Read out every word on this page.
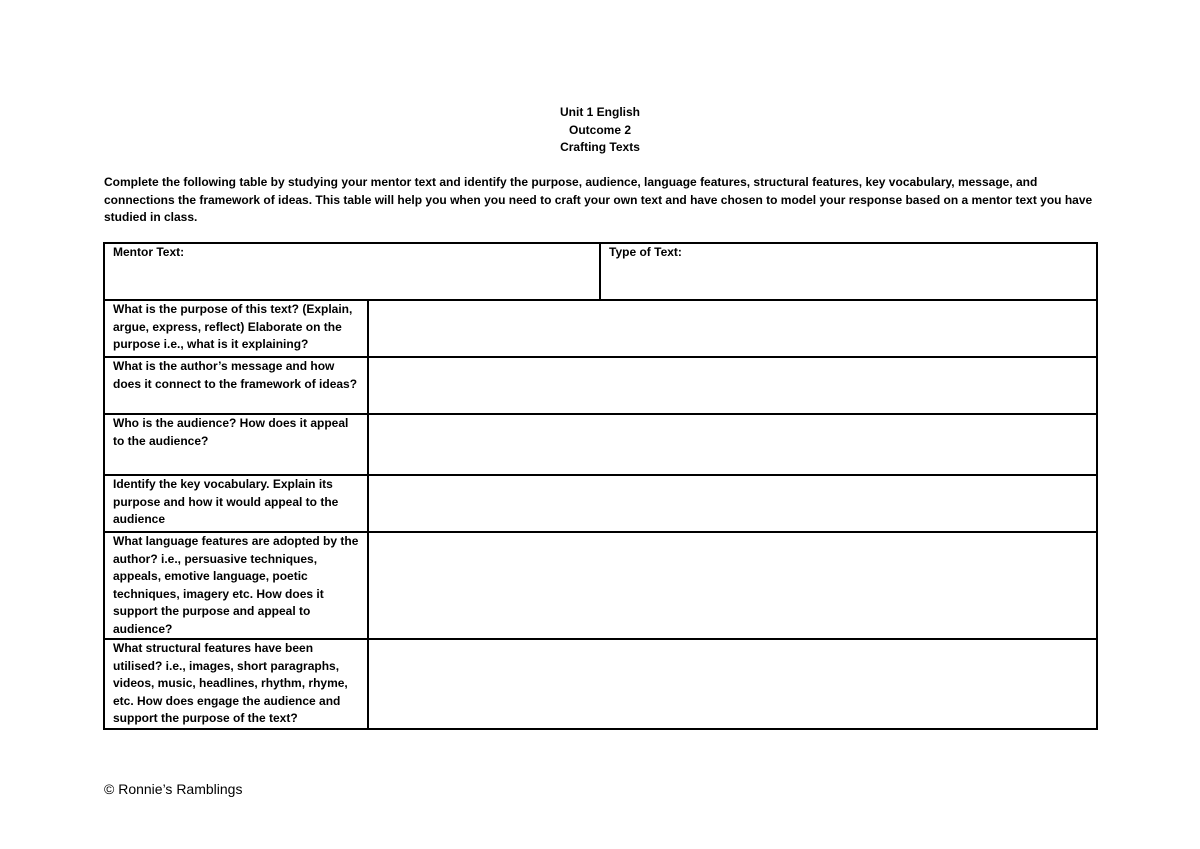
Unit 1 English
Outcome 2
Crafting Texts
Complete the following table by studying your mentor text and identify the purpose, audience, language features, structural features, key vocabulary, message, and connections the framework of ideas. This table will help you when you need to craft your own text and have chosen to model your response based on a mentor text you have studied in class.
Mentor Text:		Type of Text:
What is the purpose of this text? (Explain, argue, express, reflect) Elaborate on the purpose i.e., what is it explaining?		
What is the author’s message and how does it connect to the framework of ideas?		
Who is the audience? How does it appeal to the audience?		
Identify the key vocabulary. Explain its purpose and how it would appeal to the audience		
What language features are adopted by the author? i.e., persuasive techniques, appeals, emotive language, poetic techniques, imagery etc. How does it support the purpose and appeal to audience?		
What structural features have been utilised? i.e., images, short paragraphs, videos, music, headlines, rhythm, rhyme, etc. How does engage the audience and support the purpose of the text?		
© Ronnie’s Ramblings
